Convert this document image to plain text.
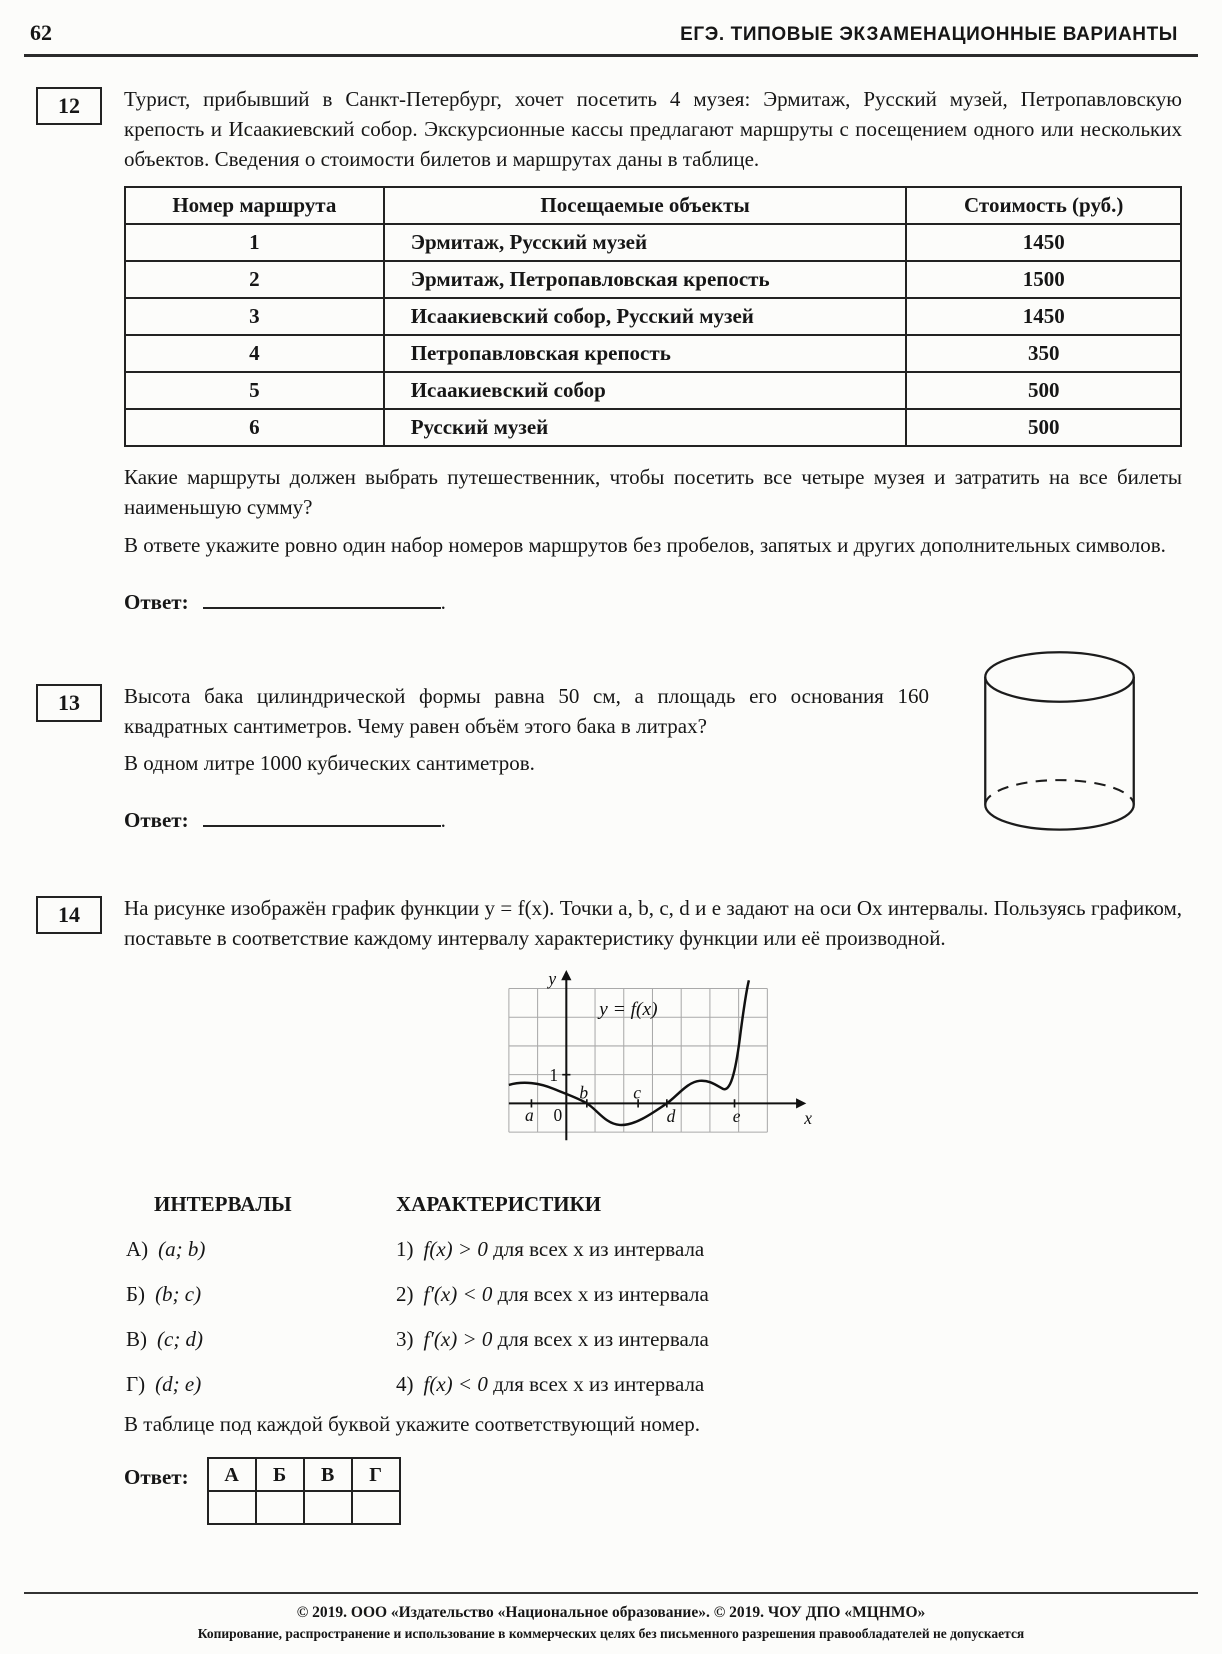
62	ЕГЭ. ТИПОВЫЕ ЭКЗАМЕНАЦИОННЫЕ ВАРИАНТЫ
12	Турист, прибывший в Санкт-Петербург, хочет посетить 4 музея: Эрмитаж, Русский музей, Петропавловскую крепость и Исаакиевский собор. Экскурсионные кассы предлагают маршруты с посещением одного или нескольких объектов. Сведения о стоимости билетов и маршрутах даны в таблице.

Номер маршрута	Посещаемые объекты	Стоимость (руб.)
1	Эрмитаж, Русский музей	1450
2	Эрмитаж, Петропавловская крепость	1500
3	Исаакиевский собор, Русский музей	1450
4	Петропавловская крепость	350
5	Исаакиевский собор	500
6	Русский музей	500

Какие маршруты должен выбрать путешественник, чтобы посетить все четыре музея и затратить на все билеты наименьшую сумму?

В ответе укажите ровно один набор номеров маршрутов без пробелов, запятых и других дополнительных символов.

Ответ:	.
13	Высота бака цилиндрической формы равна 50 см, а площадь его основания 160 квадратных сантиметров. Чему равен объём этого бака в литрах?

В одном литре 1000 кубических сантиметров.

Ответ:	.
14	На рисунке изображён график функции y = f(x). Точки a, b, c, d и e задают на оси Ox интервалы. Пользуясь графиком, поставьте в соответствие каждому интервалу характеристику функции или её производной.

y = f(x)
y
x
1
0
a
b	c
d	e
ИНТЕРВАЛЫ	ХАРАКТЕРИСТИКИ
А) (a; b)	1) f(x) > 0 для всех x из интервала
Б) (b; c)	2) f′(x) < 0 для всех x из интервала
В) (c; d)	3) f′(x) > 0 для всех x из интервала
Г) (d; e)	4) f(x) < 0 для всех x из интервала

В таблице под каждой буквой укажите соответствующий номер.

Ответ: А	Б	В	Г

© 2019. ООО «Издательство «Национальное образование». © 2019. ЧОУ ДПО «МЦНМО»
Копирование, распространение и использование в коммерческих целях без письменного разрешения правообладателей не допускается
